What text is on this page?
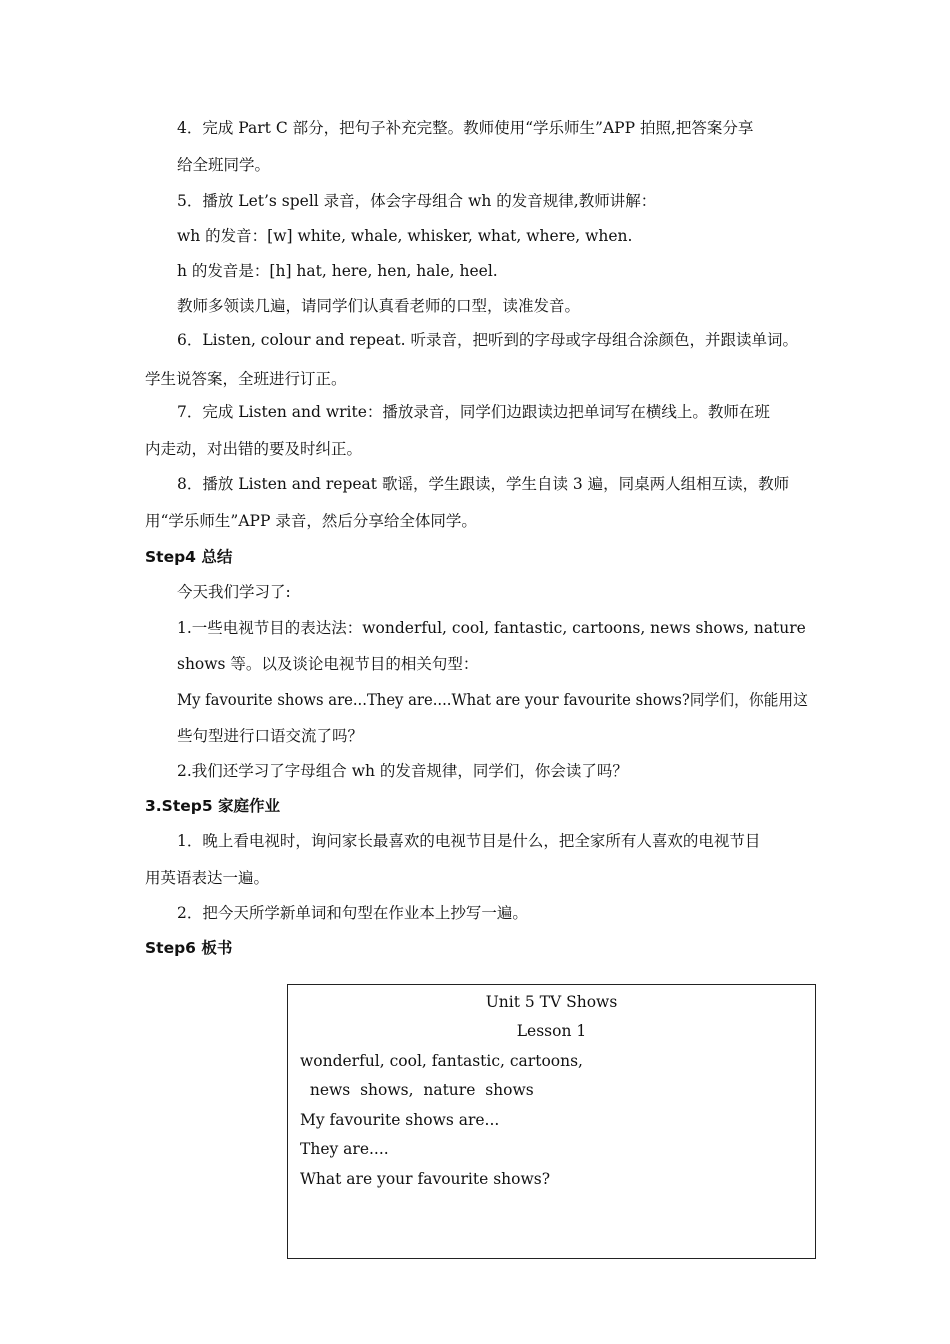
4．完成 Part C 部分，把句子补充完整。教师使用“学乐师生”APP 拍照,把答案分享
给全班同学。
5．播放 Let’s spell 录音，体会字母组合 wh 的发音规律,教师讲解：
wh 的发音：[w] white, whale, whisker, what, where, when.
h 的发音是：[h] hat, here, hen, hale, heel.
教师多领读几遍，请同学们认真看老师的口型，读准发音。
6．Listen, colour and repeat. 听录音，把听到的字母或字母组合涂颜色，并跟读单词。
学生说答案，全班进行订正。
7．完成 Listen and write：播放录音，同学们边跟读边把单词写在横线上。教师在班
内走动，对出错的要及时纠正。
8．播放 Listen and repeat 歌谣，学生跟读，学生自读 3 遍，同桌两人组相互读，教师
用“学乐师生”APP 录音，然后分享给全体同学。
Step4 总结
今天我们学习了:
1.一些电视节目的表达法：wonderful, cool, fantastic, cartoons, news shows, nature
shows 等。以及谈论电视节目的相关句型：
My favourite shows are...They are....What are your favourite shows?同学们，你能用这
些句型进行口语交流了吗？
2.我们还学习了字母组合 wh 的发音规律，同学们，你会读了吗？
3.Step5 家庭作业
1．晚上看电视时，询问家长最喜欢的电视节目是什么，把全家所有人喜欢的电视节目
用英语表达一遍。
2．把今天所学新单词和句型在作业本上抄写一遍。
Step6 板书
Unit 5 TV Shows
Lesson 1
wonderful, cool, fantastic, cartoons,
news  shows,  nature  shows
My favourite shows are...
They are....
What are your favourite shows?
